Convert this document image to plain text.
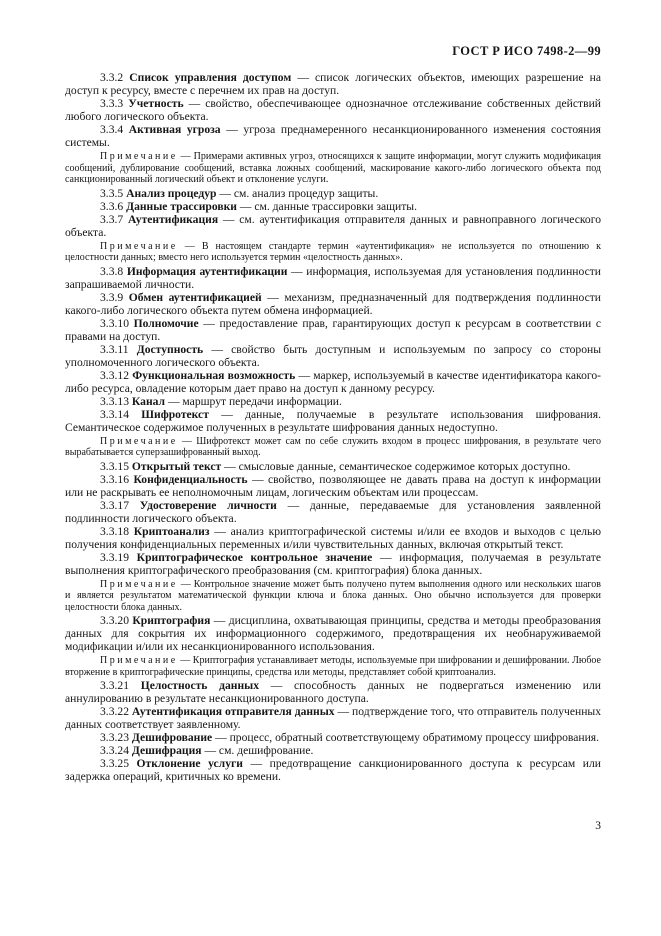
ГОСТ Р ИСО 7498-2—99

3.3.2 Список управления доступом — список логических объектов, имеющих разрешение на доступ к ресурсу, вместе с перечнем их прав на доступ.

3.3.3 Учетность — свойство, обеспечивающее однозначное отслеживание собственных действий любого логического объекта.

3.3.4 Активная угроза — угроза преднамеренного несанкционированного изменения состояния системы.

Примечание — Примерами активных угроз, относящихся к защите информации, могут служить модификация сообщений, дублирование сообщений, вставка ложных сообщений, маскирование какого-либо логического объекта под санкционированный логический объект и отклонение услуги.

3.3.5 Анализ процедур — см. анализ процедур защиты.

3.3.6 Данные трассировки — см. данные трассировки защиты.

3.3.7 Аутентификация — см. аутентификация отправителя данных и равноправного логического объекта.

Примечание — В настоящем стандарте термин «аутентификация» не используется по отношению к целостности данных; вместо него используется термин «целостность данных».

3.3.8 Информация аутентификации — информация, используемая для установления подлинности запрашиваемой личности.

3.3.9 Обмен аутентификацией — механизм, предназначенный для подтверждения подлинности какого-либо логического объекта путем обмена информацией.

3.3.10 Полномочие — предоставление прав, гарантирующих доступ к ресурсам в соответствии с правами на доступ.

3.3.11 Доступность — свойство быть доступным и используемым по запросу со стороны уполномоченного логического объекта.

3.3.12 Функциональная возможность — маркер, используемый в качестве идентификатора какого-либо ресурса, овладение которым дает право на доступ к данному ресурсу.

3.3.13 Канал — маршрут передачи информации.

3.3.14 Шифротекст — данные, получаемые в результате использования шифрования. Семантическое содержимое полученных в результате шифрования данных недоступно.

Примечание — Шифротекст может сам по себе служить входом в процесс шифрования, в результате чего вырабатывается суперзашифрованный выход.

3.3.15 Открытый текст — смысловые данные, семантическое содержимое которых доступно.

3.3.16 Конфиденциальность — свойство, позволяющее не давать права на доступ к информации или не раскрывать ее неполномочным лицам, логическим объектам или процессам.

3.3.17 Удостоверение личности — данные, передаваемые для установления заявленной подлинности логического объекта.

3.3.18 Криптоанализ — анализ криптографической системы и/или ее входов и выходов с целью получения конфиденциальных переменных и/или чувствительных данных, включая открытый текст.

3.3.19 Криптографическое контрольное значение — информация, получаемая в результате выполнения криптографического преобразования (см. криптография) блока данных.

Примечание — Контрольное значение может быть получено путем выполнения одного или нескольких шагов и является результатом математической функции ключа и блока данных. Оно обычно используется для проверки целостности блока данных.

3.3.20 Криптография — дисциплина, охватывающая принципы, средства и методы преобразования данных для сокрытия их информационного содержимого, предотвращения их необнаруживаемой модификации и/или их несанкционированного использования.

Примечание — Криптография устанавливает методы, используемые при шифровании и дешифровании. Любое вторжение в криптографические принципы, средства или методы, представляет собой криптоанализ.

3.3.21 Целостность данных — способность данных не подвергаться изменению или аннулированию в результате несанкционированного доступа.

3.3.22 Аутентификация отправителя данных — подтверждение того, что отправитель полученных данных соответствует заявленному.

3.3.23 Дешифрование — процесс, обратный соответствующему обратимому процессу шифрования.

3.3.24 Дешифрация — см. дешифрование.

3.3.25 Отклонение услуги — предотвращение санкционированного доступа к ресурсам или задержка операций, критичных ко времени.

3
